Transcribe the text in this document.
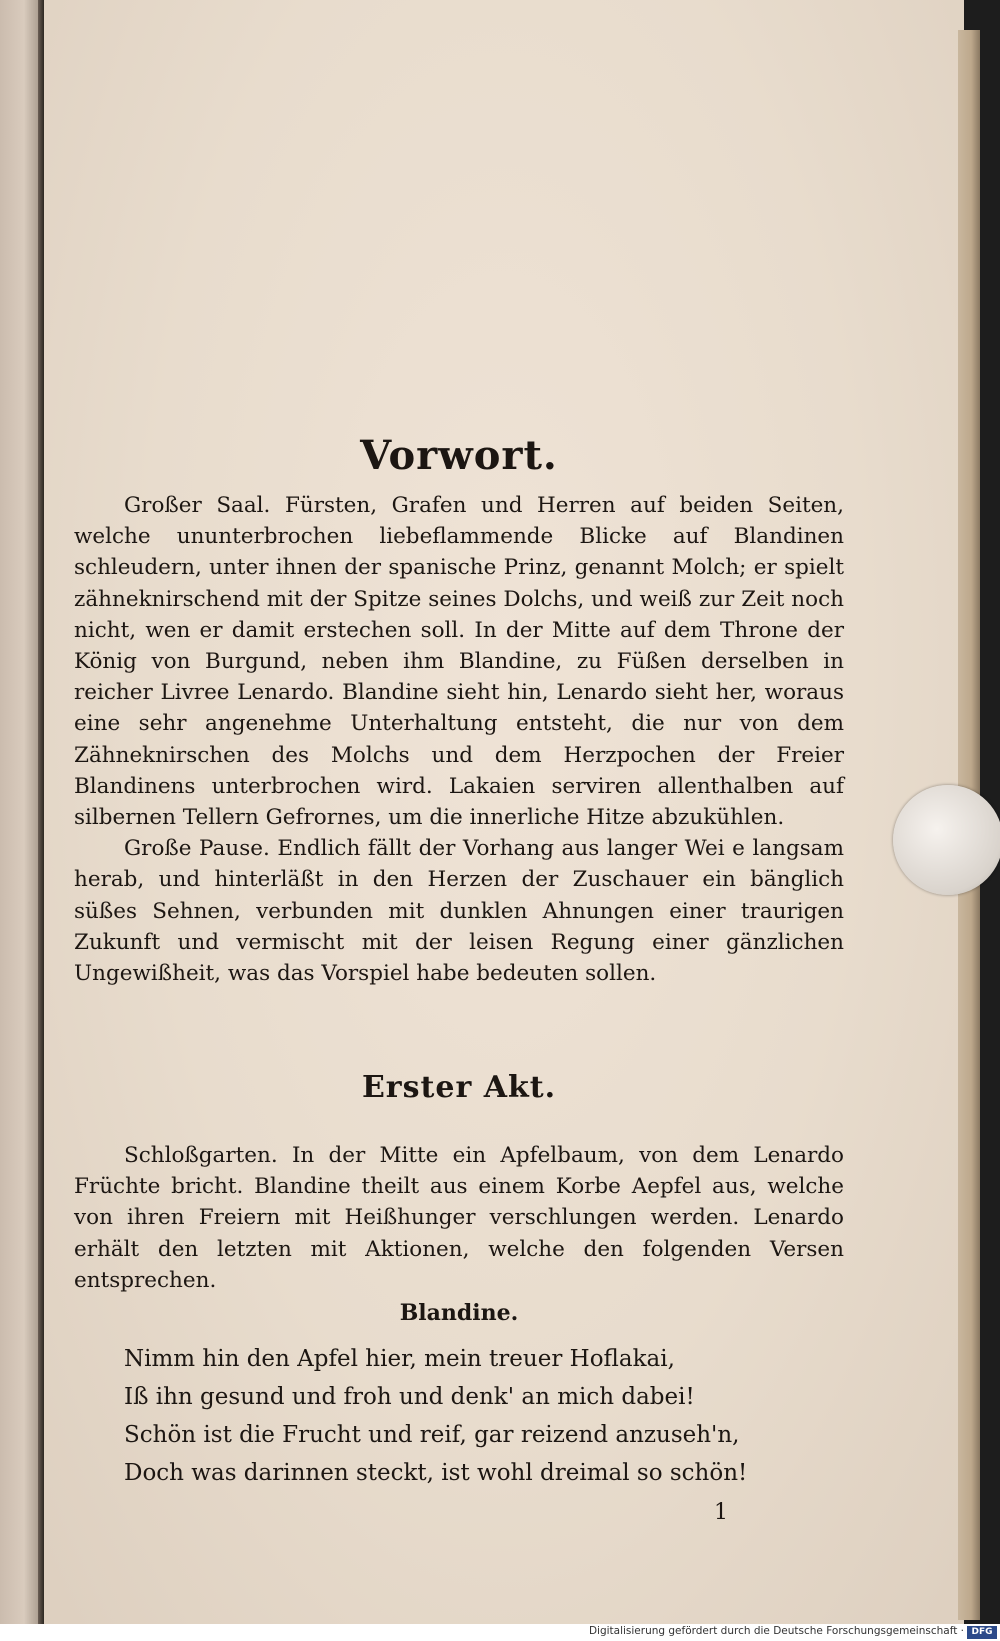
Vorwort.

Großer Saal. Fürsten, Grafen und Herren auf beiden Seiten, welche ununterbrochen liebeflammende Blicke auf Blandinen schleudern, unter ihnen der spanische Prinz, genannt Molch; er spielt zähneknirschend mit der Spitze seines Dolchs, und weiß zur Zeit noch nicht, wen er damit erstechen soll. In der Mitte auf dem Throne der König von Burgund, neben ihm Blandine, zu Füßen derselben in reicher Livree Lenardo. Blandine sieht hin, Lenardo sieht her, woraus eine sehr angenehme Unterhaltung entsteht, die nur von dem Zähneknirschen des Molchs und dem Herzpochen der Freier Blandinens unterbrochen wird. Lakaien serviren allenthalben auf silbernen Tellern Gefrornes, um die innerliche Hitze abzukühlen.

Große Pause. Endlich fällt der Vorhang aus langer Wei e langsam herab, und hinterläßt in den Herzen der Zuschauer ein bänglich süßes Sehnen, verbunden mit dunklen Ahnungen einer traurigen Zukunft und vermischt mit der leisen Regung einer gänzlichen Ungewißheit, was das Vorspiel habe bedeuten sollen.

Erster Akt.

Schloßgarten. In der Mitte ein Apfelbaum, von dem Lenardo Früchte bricht. Blandine theilt aus einem Korbe Aepfel aus, welche von ihren Freiern mit Heißhunger verschlungen werden. Lenardo erhält den letzten mit Aktionen, welche den folgenden Versen entsprechen.

Blandine.
Nimm hin den Apfel hier, mein treuer Hoflakai,
Iß ihn gesund und froh und denk' an mich dabei!
Schön ist die Frucht und reif, gar reizend anzuseh'n,
Doch was darinnen steckt, ist wohl dreimal so schön!
1
Digitalisierung gefördert durch die Deutsche Forschungsgemeinschaft · DFG
